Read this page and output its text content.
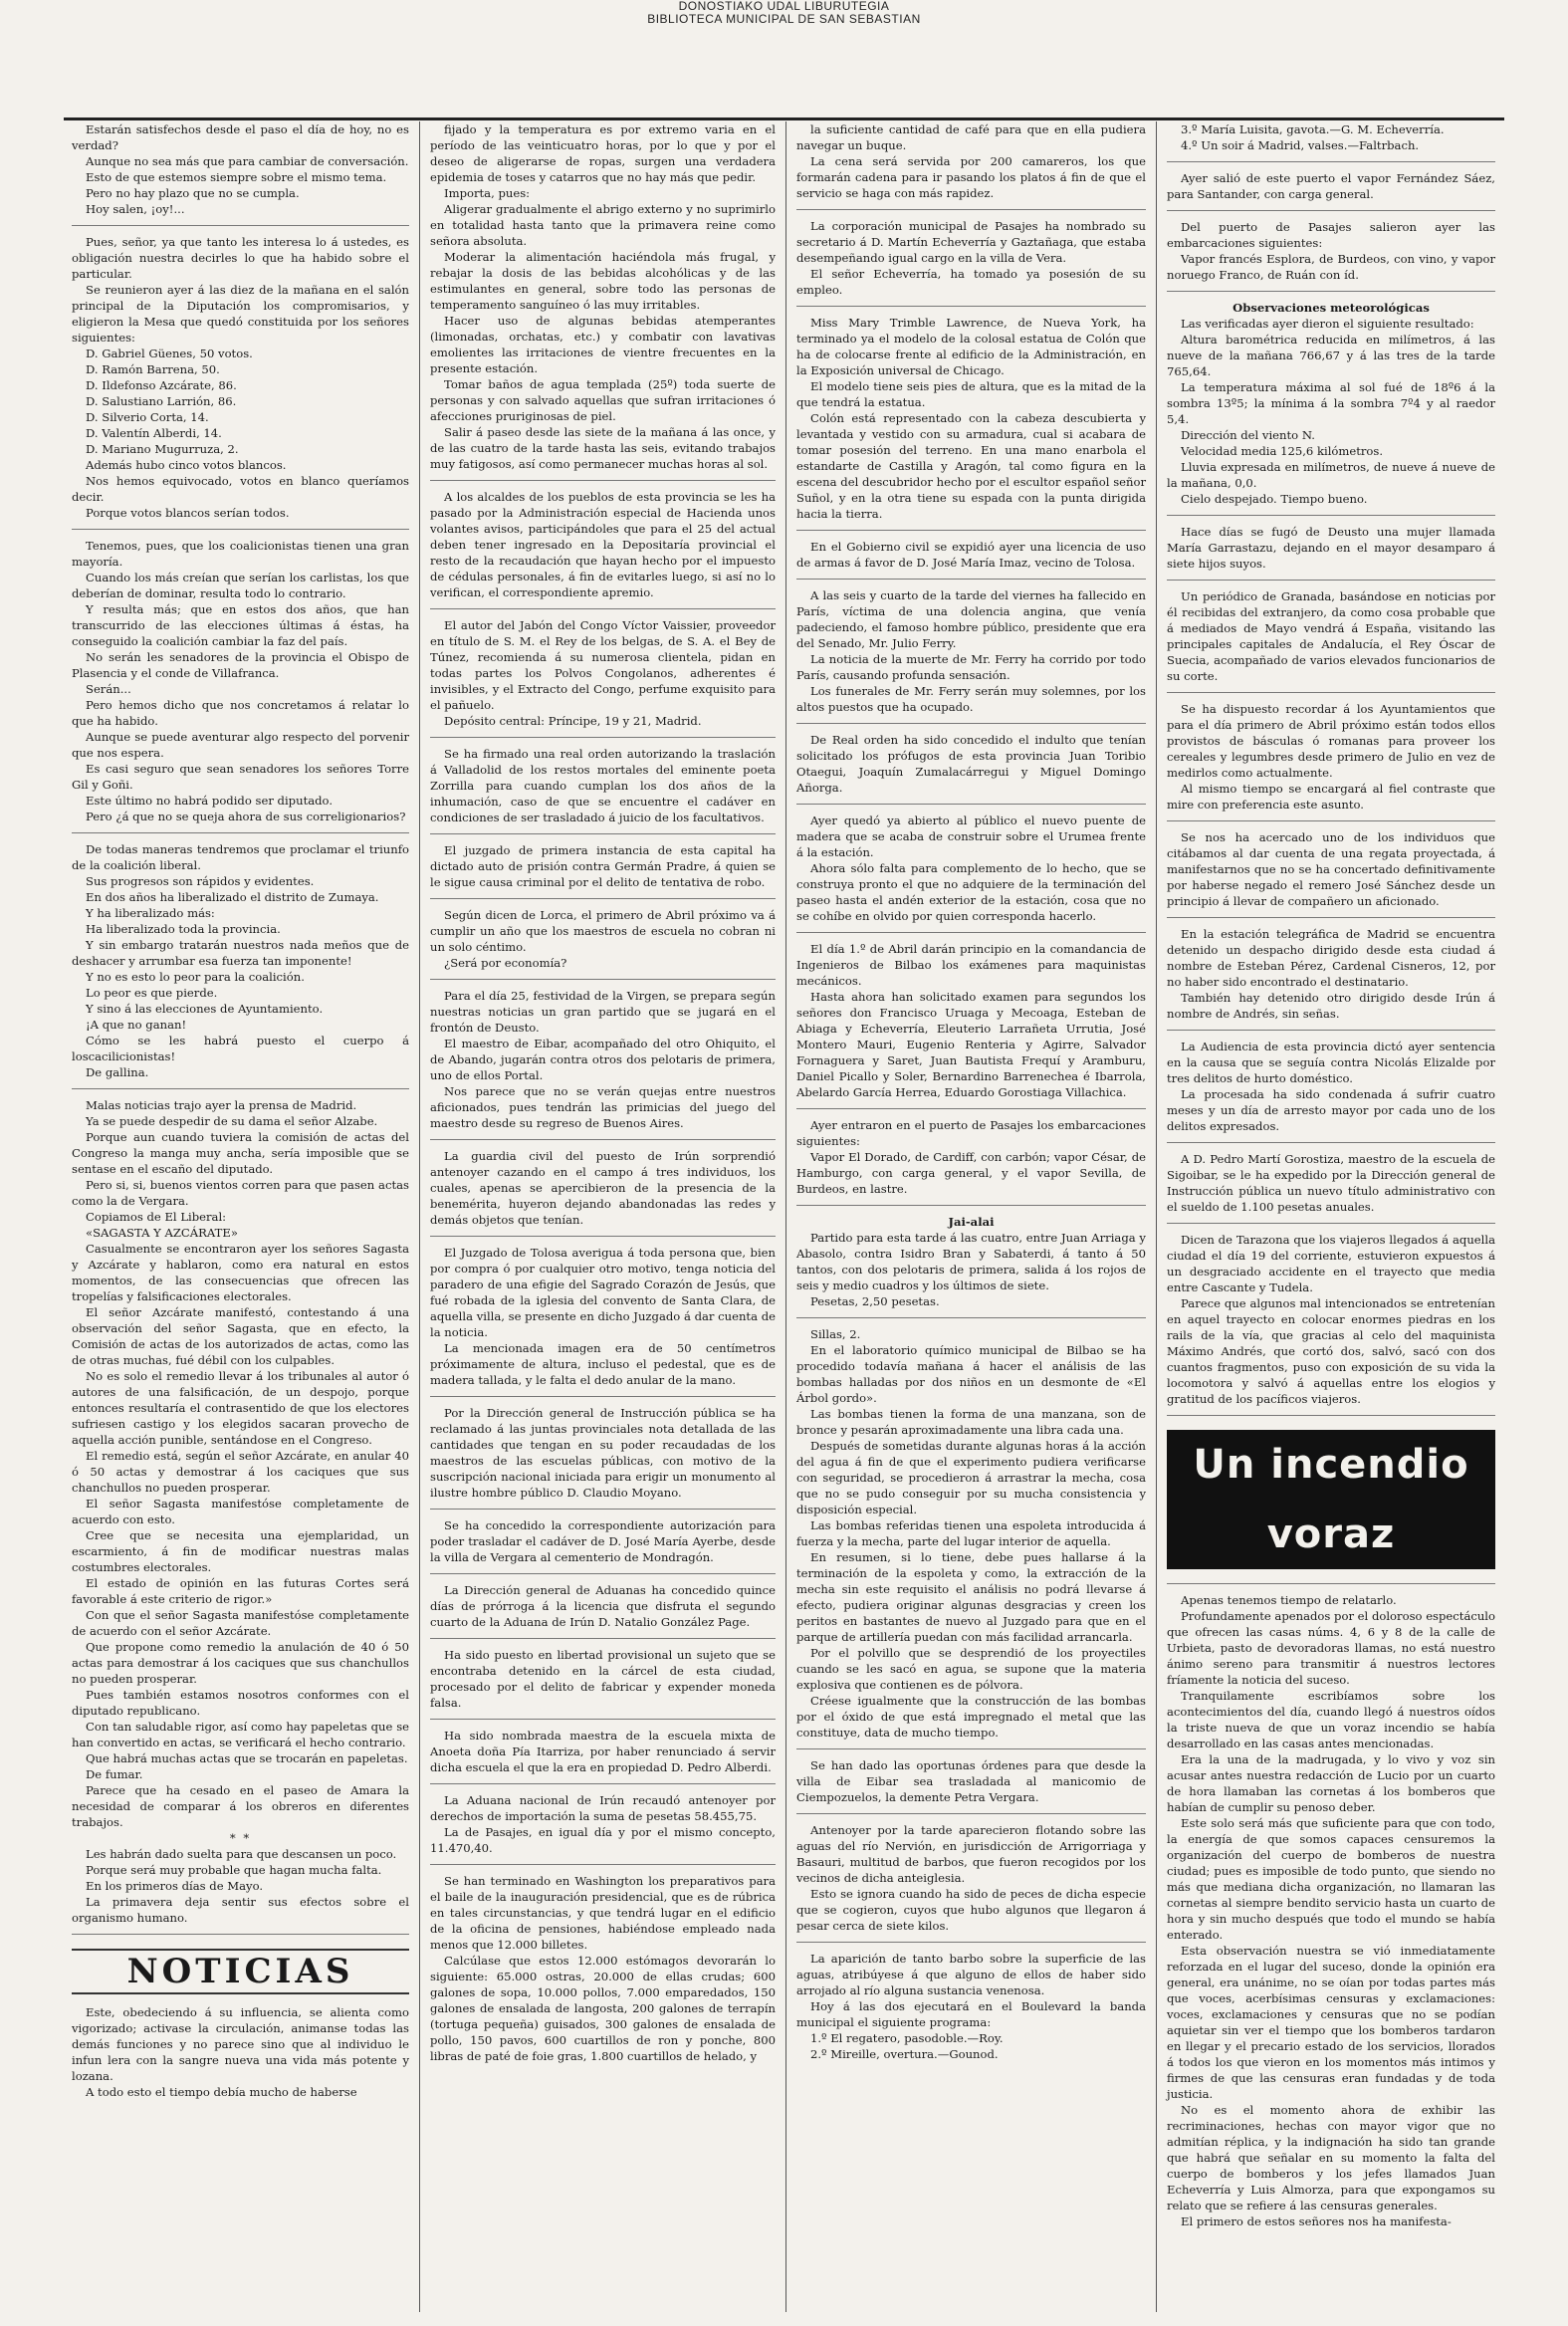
DONOSTIAKO UDAL LIBURUTEGIA
BIBLIOTECA MUNICIPAL DE SAN SEBASTIAN

Estarán satisfechos desde el paso el día de hoy, no es verdad?

Aunque no sea más que para cambiar de conversación.

Esto de que estemos siempre sobre el mismo tema.

Pero no hay plazo que no se cumpla.

Hoy salen, ¡oy!...

Pues, señor, ya que tanto les interesa lo á ustedes, es obligación nuestra decirles lo que ha habido sobre el particular.

Se reunieron ayer á las diez de la mañana en el salón principal de la Diputación los compromisarios, y eligieron la Mesa que quedó constituida por los señores siguientes:

D. Gabriel Güenes, 50 votos.

D. Ramón Barrena, 50.

D. Ildefonso Azcárate, 86.

D. Salustiano Larrión, 86.

D. Silverio Corta, 14.

D. Valentín Alberdi, 14.

D. Mariano Mugurruza, 2.

Además hubo cinco votos blancos.

Nos hemos equivocado, votos en blanco queríamos decir.

Porque votos blancos serían todos.

Tenemos, pues, que los coalicionistas tienen una gran mayoría.

Cuando los más creían que serían los carlistas, los que deberían de dominar, resulta todo lo contrario.

Y resulta más; que en estos dos años, que han transcurrido de las elecciones últimas á éstas, ha conseguido la coalición cambiar la faz del país.

No serán les senadores de la provincia el Obispo de Plasencia y el conde de Villafranca.

Serán...

Pero hemos dicho que nos concretamos á relatar lo que ha habido.

Aunque se puede aventurar algo respecto del porvenir que nos espera.

Es casi seguro que sean senadores los señores Torre Gil y Goñi.

Este último no habrá podido ser diputado.

Pero ¿á que no se queja ahora de sus correligionarios?

De todas maneras tendremos que proclamar el triunfo de la coalición liberal.

Sus progresos son rápidos y evidentes.

En dos años ha liberalizado el distrito de Zumaya.

Y ha liberalizado más:

Ha liberalizado toda la provincia.

Y sin embargo tratarán nuestros nada meños que de deshacer y arrumbar esa fuerza tan imponente!

Y no es esto lo peor para la coalición.

Lo peor es que pierde.

Y sino á las elecciones de Ayuntamiento.

¡A que no ganan!

Cómo se les habrá puesto el cuerpo á loscacilicionistas!

De gallina.

Malas noticias trajo ayer la prensa de Madrid.

Ya se puede despedir de su dama el señor Alzabe.

Porque aun cuando tuviera la comisión de actas del Congreso la manga muy ancha, sería imposible que se sentase en el escaño del diputado.

Pero si, si, buenos vientos corren para que pasen actas como la de Vergara.

Copiamos de El Liberal:

«SAGASTA Y AZCÁRATE»

Casualmente se encontraron ayer los señores Sagasta y Azcárate y hablaron, como era natural en estos momentos, de las consecuencias que ofrecen las tropelías y falsificaciones electorales.

El señor Azcárate manifestó, contestando á una observación del señor Sagasta, que en efecto, la Comisión de actas de los autorizados de actas, como las de otras muchas, fué débil con los culpables.

No es solo el remedio llevar á los tribunales al autor ó autores de una falsificación, de un despojo, porque entonces resultaría el contrasentido de que los electores sufriesen castigo y los elegidos sacaran provecho de aquella acción punible, sentándose en el Congreso.

El remedio está, según el señor Azcárate, en anular 40 ó 50 actas y demostrar á los caciques que sus chanchullos no pueden prosperar.

El señor Sagasta manifestóse completamente de acuerdo con esto.

Cree que se necesita una ejemplaridad, un escarmiento, á fin de modificar nuestras malas costumbres electorales.

El estado de opinión en las futuras Cortes será favorable á este criterio de rigor.»

Con que el señor Sagasta manifestóse completamente de acuerdo con el señor Azcárate.

Que propone como remedio la anulación de 40 ó 50 actas para demostrar á los caciques que sus chanchullos no pueden prosperar.

Pues también estamos nosotros conformes con el diputado republicano.

Con tan saludable rigor, así como hay papeletas que se han convertido en actas, se verificará el hecho contrario.

Que habrá muchas actas que se trocarán en papeletas.

De fumar.

Parece que ha cesado en el paseo de Amara la necesidad de comparar á los obreros en diferentes trabajos.

* *

Les habrán dado suelta para que descansen un poco.

Porque será muy probable que hagan mucha falta.

En los primeros días de Mayo.

La primavera deja sentir sus efectos sobre el organismo humano.

NOTICIAS

Este, obedeciendo á su influencia, se alienta como vigorizado; activase la circulación, animanse todas las demás funciones y no parece sino que al individuo le infun lera con la sangre nueva una vida más potente y lozana.

A todo esto el tiempo debía mucho de haberse

fijado y la temperatura es por extremo varia en el período de las veinticuatro horas, por lo que y por el deseo de aligerarse de ropas, surgen una verdadera epidemia de toses y catarros que no hay más que pedir.

Importa, pues:

Aligerar gradualmente el abrigo externo y no suprimirlo en totalidad hasta tanto que la primavera reine como señora absoluta.

Moderar la alimentación haciéndola más frugal, y rebajar la dosis de las bebidas alcohólicas y de las estimulantes en general, sobre todo las personas de temperamento sanguíneo ó las muy irritables.

Hacer uso de algunas bebidas atemperantes (limonadas, orchatas, etc.) y combatir con lavativas emolientes las irritaciones de vientre frecuentes en la presente estación.

Tomar baños de agua templada (25º) toda suerte de personas y con salvado aquellas que sufran irritaciones ó afecciones pruriginosas de piel.

Salir á paseo desde las siete de la mañana á las once, y de las cuatro de la tarde hasta las seis, evitando trabajos muy fatigosos, así como permanecer muchas horas al sol.

A los alcaldes de los pueblos de esta provincia se les ha pasado por la Administración especial de Hacienda unos volantes avisos, participándoles que para el 25 del actual deben tener ingresado en la Depositaría provincial el resto de la recaudación que hayan hecho por el impuesto de cédulas personales, á fin de evitarles luego, si así no lo verifican, el correspondiente apremio.

El autor del Jabón del Congo Víctor Vaissier, proveedor en título de S. M. el Rey de los belgas, de S. A. el Bey de Túnez, recomienda á su numerosa clientela, pidan en todas partes los Polvos Congolanos, adherentes é invisibles, y el Extracto del Congo, perfume exquisito para el pañuelo.

Depósito central: Príncipe, 19 y 21, Madrid.

Se ha firmado una real orden autorizando la traslación á Valladolid de los restos mortales del eminente poeta Zorrilla para cuando cumplan los dos años de la inhumación, caso de que se encuentre el cadáver en condiciones de ser trasladado á juicio de los facultativos.

El juzgado de primera instancia de esta capital ha dictado auto de prisión contra Germán Pradre, á quien se le sigue causa criminal por el delito de tentativa de robo.

Según dicen de Lorca, el primero de Abril próximo va á cumplir un año que los maestros de escuela no cobran ni un solo céntimo.

¿Será por economía?

Para el día 25, festividad de la Virgen, se prepara según nuestras noticias un gran partido que se jugará en el frontón de Deusto.

El maestro de Eibar, acompañado del otro Ohiquito, el de Abando, jugarán contra otros dos pelotaris de primera, uno de ellos Portal.

Nos parece que no se verán quejas entre nuestros aficionados, pues tendrán las primicias del juego del maestro desde su regreso de Buenos Aires.

La guardia civil del puesto de Irún sorprendió antenoyer cazando en el campo á tres individuos, los cuales, apenas se apercibieron de la presencia de la benemérita, huyeron dejando abandonadas las redes y demás objetos que tenían.

El Juzgado de Tolosa averigua á toda persona que, bien por compra ó por cualquier otro motivo, tenga noticia del paradero de una efigie del Sagrado Corazón de Jesús, que fué robada de la iglesia del convento de Santa Clara, de aquella villa, se presente en dicho Juzgado á dar cuenta de la noticia.

La mencionada imagen era de 50 centímetros próximamente de altura, incluso el pedestal, que es de madera tallada, y le falta el dedo anular de la mano.

Por la Dirección general de Instrucción pública se ha reclamado á las juntas provinciales nota detallada de las cantidades que tengan en su poder recaudadas de los maestros de las escuelas públicas, con motivo de la suscripción nacional iniciada para erigir un monumento al ilustre hombre público D. Claudio Moyano.

Se ha concedido la correspondiente autorización para poder trasladar el cadáver de D. José María Ayerbe, desde la villa de Vergara al cementerio de Mondragón.

La Dirección general de Aduanas ha concedido quince días de prórroga á la licencia que disfruta el segundo cuarto de la Aduana de Irún D. Natalio González Page.

Ha sido puesto en libertad provisional un sujeto que se encontraba detenido en la cárcel de esta ciudad, procesado por el delito de fabricar y expender moneda falsa.

Ha sido nombrada maestra de la escuela mixta de Anoeta doña Pía Itarriza, por haber renunciado á servir dicha escuela el que la era en propiedad D. Pedro Alberdi.

La Aduana nacional de Irún recaudó antenoyer por derechos de importación la suma de pesetas 58.455,75.

La de Pasajes, en igual día y por el mismo concepto, 11.470,40.

Se han terminado en Washington los preparativos para el baile de la inauguración presidencial, que es de rúbrica en tales circunstancias, y que tendrá lugar en el edificio de la oficina de pensiones, habiéndose empleado nada menos que 12.000 billetes.

Calcúlase que estos 12.000 estómagos devorarán lo siguiente: 65.000 ostras, 20.000 de ellas crudas; 600 galones de sopa, 10.000 pollos, 7.000 emparedados, 150 galones de ensalada de langosta, 200 galones de terrapín (tortuga pequeña) guisados, 300 galones de ensalada de pollo, 150 pavos, 600 cuartillos de ron y ponche, 800 libras de paté de foie gras, 1.800 cuartillos de helado, y

la suficiente cantidad de café para que en ella pudiera navegar un buque.

La cena será servida por 200 camareros, los que formarán cadena para ir pasando los platos á fin de que el servicio se haga con más rapidez.

La corporación municipal de Pasajes ha nombrado su secretario á D. Martín Echeverría y Gaztañaga, que estaba desempeñando igual cargo en la villa de Vera.

El señor Echeverría, ha tomado ya posesión de su empleo.

Miss Mary Trimble Lawrence, de Nueva York, ha terminado ya el modelo de la colosal estatua de Colón que ha de colocarse frente al edificio de la Administración, en la Exposición universal de Chicago.

El modelo tiene seis pies de altura, que es la mitad de la que tendrá la estatua.

Colón está representado con la cabeza descubierta y levantada y vestido con su armadura, cual si acabara de tomar posesión del terreno. En una mano enarbola el estandarte de Castilla y Aragón, tal como figura en la escena del descubridor hecho por el escultor español señor Suñol, y en la otra tiene su espada con la punta dirigida hacia la tierra.

En el Gobierno civil se expidió ayer una licencia de uso de armas á favor de D. José María Imaz, vecino de Tolosa.

A las seis y cuarto de la tarde del viernes ha fallecido en París, víctima de una dolencia angina, que venía padeciendo, el famoso hombre público, presidente que era del Senado, Mr. Julio Ferry.

La noticia de la muerte de Mr. Ferry ha corrido por todo París, causando profunda sensación.

Los funerales de Mr. Ferry serán muy solemnes, por los altos puestos que ha ocupado.

De Real orden ha sido concedido el indulto que tenían solicitado los prófugos de esta provincia Juan Toribio Otaegui, Joaquín Zumalacárregui y Miguel Domingo Añorga.

Ayer quedó ya abierto al público el nuevo puente de madera que se acaba de construir sobre el Urumea frente á la estación.

Ahora sólo falta para complemento de lo hecho, que se construya pronto el que no adquiere de la terminación del paseo hasta el andén exterior de la estación, cosa que no se cohíbe en olvido por quien corresponda hacerlo.

El día 1.º de Abril darán principio en la comandancia de Ingenieros de Bilbao los exámenes para maquinistas mecánicos.

Hasta ahora han solicitado examen para segundos los señores don Francisco Uruaga y Mecoaga, Esteban de Abiaga y Echeverría, Eleuterio Larrañeta Urrutia, José Montero Mauri, Eugenio Renteria y Agirre, Salvador Fornaguera y Saret, Juan Bautista Frequí y Aramburu, Daniel Picallo y Soler, Bernardino Barrenechea é Ibarrola, Abelardo García Herrea, Eduardo Gorostiaga Villachica.

Ayer entraron en el puerto de Pasajes los embarcaciones siguientes:

Vapor El Dorado, de Cardiff, con carbón; vapor César, de Hamburgo, con carga general, y el vapor Sevilla, de Burdeos, en lastre.

Jai-alai

Partido para esta tarde á las cuatro, entre Juan Arriaga y Abasolo, contra Isidro Bran y Sabaterdi, á tanto á 50 tantos, con dos pelotaris de primera, salida á los rojos de seis y medio cuadros y los últimos de siete.

Pesetas, 2,50 pesetas.

Sillas, 2.

En el laboratorio químico municipal de Bilbao se ha procedido todavía mañana á hacer el análisis de las bombas halladas por dos niños en un desmonte de «El Árbol gordo».

Las bombas tienen la forma de una manzana, son de bronce y pesarán aproximadamente una libra cada una.

Después de sometidas durante algunas horas á la acción del agua á fin de que el experimento pudiera verificarse con seguridad, se procedieron á arrastrar la mecha, cosa que no se pudo conseguir por su mucha consistencia y disposición especial.

Las bombas referidas tienen una espoleta introducida á fuerza y la mecha, parte del lugar interior de aquella.

En resumen, si lo tiene, debe pues hallarse á la terminación de la espoleta y como, la extracción de la mecha sin este requisito el análisis no podrá llevarse á efecto, pudiera originar algunas desgracias y creen los peritos en bastantes de nuevo al Juzgado para que en el parque de artillería puedan con más facilidad arrancarla.

Por el polvillo que se desprendió de los proyectiles cuando se les sacó en agua, se supone que la materia explosiva que contienen es de pólvora.

Créese igualmente que la construcción de las bombas por el óxido de que está impregnado el metal que las constituye, data de mucho tiempo.

Se han dado las oportunas órdenes para que desde la villa de Eibar sea trasladada al manicomio de Ciempozuelos, la demente Petra Vergara.

Antenoyer por la tarde aparecieron flotando sobre las aguas del río Nervión, en jurisdicción de Arrigorriaga y Basauri, multitud de barbos, que fueron recogidos por los vecinos de dicha anteiglesia.

Esto se ignora cuando ha sido de peces de dicha especie que se cogieron, cuyos que hubo algunos que llegaron á pesar cerca de siete kilos.

La aparición de tanto barbo sobre la superficie de las aguas, atribúyese á que alguno de ellos de haber sido arrojado al río alguna sustancia venenosa.

Hoy á las dos ejecutará en el Boulevard la banda municipal el siguiente programa:

1.º El regatero, pasodoble.—Roy.

2.º Mireille, overtura.—Gounod.

3.º María Luisita, gavota.—G. M. Echeverría.

4.º Un soir á Madrid, valses.—Faltrbach.

Ayer salió de este puerto el vapor Fernández Sáez, para Santander, con carga general.

Del puerto de Pasajes salieron ayer las embarcaciones siguientes:

Vapor francés Esplora, de Burdeos, con vino, y vapor noruego Franco, de Ruán con íd.

Observaciones meteorológicas

Las verificadas ayer dieron el siguiente resultado:

Altura barométrica reducida en milímetros, á las nueve de la mañana 766,67 y á las tres de la tarde 765,64.

La temperatura máxima al sol fué de 18º6 á la sombra 13º5; la mínima á la sombra 7º4 y al raedor 5,4.

Dirección del viento N.

Velocidad media 125,6 kilómetros.

Lluvia expresada en milímetros, de nueve á nueve de la mañana, 0,0.

Cielo despejado. Tiempo bueno.

Hace días se fugó de Deusto una mujer llamada María Garrastazu, dejando en el mayor desamparo á siete hijos suyos.

Un periódico de Granada, basándose en noticias por él recibidas del extranjero, da como cosa probable que á mediados de Mayo vendrá á España, visitando las principales capitales de Andalucía, el Rey Óscar de Suecia, acompañado de varios elevados funcionarios de su corte.

Se ha dispuesto recordar á los Ayuntamientos que para el día primero de Abril próximo están todos ellos provistos de básculas ó romanas para proveer los cereales y legumbres desde primero de Julio en vez de medirlos como actualmente.

Al mismo tiempo se encargará al fiel contraste que mire con preferencia este asunto.

Se nos ha acercado uno de los individuos que citábamos al dar cuenta de una regata proyectada, á manifestarnos que no se ha concertado definitivamente por haberse negado el remero José Sánchez desde un principio á llevar de compañero un aficionado.

En la estación telegráfica de Madrid se encuentra detenido un despacho dirigido desde esta ciudad á nombre de Esteban Pérez, Cardenal Cisneros, 12, por no haber sido encontrado el destinatario.

También hay detenido otro dirigido desde Irún á nombre de Andrés, sin señas.

La Audiencia de esta provincia dictó ayer sentencia en la causa que se seguía contra Nicolás Elizalde por tres delitos de hurto doméstico.

La procesada ha sido condenada á sufrir cuatro meses y un día de arresto mayor por cada uno de los delitos expresados.

A D. Pedro Martí Gorostiza, maestro de la escuela de Sigoibar, se le ha expedido por la Dirección general de Instrucción pública un nuevo título administrativo con el sueldo de 1.100 pesetas anuales.

Dicen de Tarazona que los viajeros llegados á aquella ciudad el día 19 del corriente, estuvieron expuestos á un desgraciado accidente en el trayecto que media entre Cascante y Tudela.

Parece que algunos mal intencionados se entretenían en aquel trayecto en colocar enormes piedras en los rails de la vía, que gracias al celo del maquinista Máximo Andrés, que cortó dos, salvó, sacó con dos cuantos fragmentos, puso con exposición de su vida la locomotora y salvó á aquellas entre los elogios y gratitud de los pacíficos viajeros.

Un incendio voraz

Apenas tenemos tiempo de relatarlo.

Profundamente apenados por el doloroso espectáculo que ofrecen las casas núms. 4, 6 y 8 de la calle de Urbieta, pasto de devoradoras llamas, no está nuestro ánimo sereno para transmitir á nuestros lectores fríamente la noticia del suceso.

Tranquilamente escribíamos sobre los acontecimientos del día, cuando llegó á nuestros oídos la triste nueva de que un voraz incendio se había desarrollado en las casas antes mencionadas.

Era la una de la madrugada, y lo vivo y voz sin acusar antes nuestra redacción de Lucio por un cuarto de hora llamaban las cornetas á los bomberos que habían de cumplir su penoso deber.

Este solo será más que suficiente para que con todo, la energía de que somos capaces censuremos la organización del cuerpo de bomberos de nuestra ciudad; pues es imposible de todo punto, que siendo no más que mediana dicha organización, no llamaran las cornetas al siempre bendito servicio hasta un cuarto de hora y sin mucho después que todo el mundo se había enterado.

Esta observación nuestra se vió inmediatamente reforzada en el lugar del suceso, donde la opinión era general, era unánime, no se oían por todas partes más que voces, acerbísimas censuras y exclamaciones: voces, exclamaciones y censuras que no se podían aquietar sin ver el tiempo que los bomberos tardaron en llegar y el precario estado de los servicios, llorados á todos los que vieron en los momentos más intimos y firmes de que las censuras eran fundadas y de toda justicia.

No es el momento ahora de exhibir las recriminaciones, hechas con mayor vigor que no admitían réplica, y la indignación ha sido tan grande que habrá que señalar en su momento la falta del cuerpo de bomberos y los jefes llamados Juan Echeverría y Luis Almorza, para que expongamos su relato que se refiere á las censuras generales.

El primero de estos señores nos ha manifesta-
